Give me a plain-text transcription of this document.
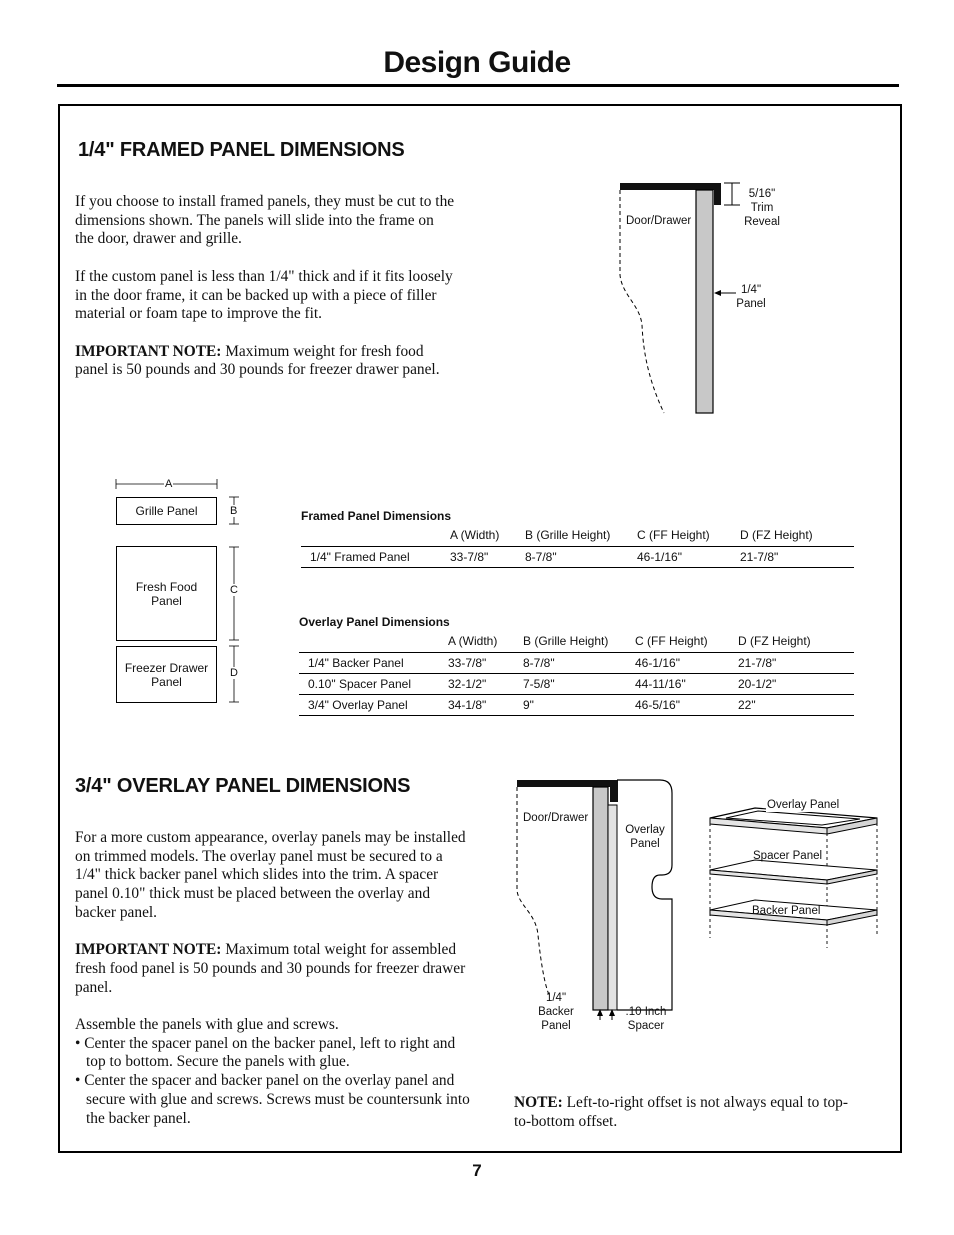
Design Guide
1/4" FRAMED PANEL DIMENSIONS

If you choose to install framed panels, they must be cut to the dimensions shown. The panels will slide into the frame on the door, drawer and grille.

If the custom panel is less than 1/4" thick and if it fits loosely in the door frame, it can be backed up with a piece of filler material or foam tape to improve the fit.

IMPORTANT NOTE: Maximum weight for fresh food panel is 50 pounds and 30 pounds for freezer drawer panel.

Door/Drawer
5/16"
Trim
Reveal
1/4"
Panel
A
B
C
D
Grille Panel
Fresh Food
Panel
Freezer Drawer
Panel
Framed Panel Dimensions
	A (Width)	B (Grille Height)	C (FF Height)	D (FZ Height)
1/4" Framed Panel	33-7/8"	8-7/8"	46-1/16"	21-7/8"
Overlay Panel Dimensions
	A (Width)	B (Grille Height)	C (FF Height)	D (FZ Height)
1/4" Backer Panel	33-7/8"	8-7/8"	46-1/16"	21-7/8"
0.10" Spacer Panel	32-1/2"	7-5/8"	44-11/16"	20-1/2"
3/4" Overlay Panel	34-1/8"	9"	46-5/16"	22"
3/4" OVERLAY PANEL DIMENSIONS

For a more custom appearance, overlay panels may be installed on trimmed models. The overlay panel must be secured to a 1/4" thick backer panel which slides into the trim. A spacer panel 0.10" thick must be placed between the overlay and backer panel.

IMPORTANT NOTE: Maximum total weight for assembled fresh food panel is 50 pounds and 30 pounds for freezer drawer panel.

Assemble the panels with glue and screws.

• Center the spacer panel on the backer panel, left to right and top to bottom. Secure the panels with glue.

• Center the spacer and backer panel on the overlay panel and secure with glue and screws. Screws must be countersunk into the backer panel.

Door/Drawer
Overlay
Panel
1/4"
Backer
Panel
.10 Inch
Spacer
Overlay Panel
Spacer Panel
Backer Panel
NOTE: Left-to-right offset is not always equal to top-to-bottom offset.
7
